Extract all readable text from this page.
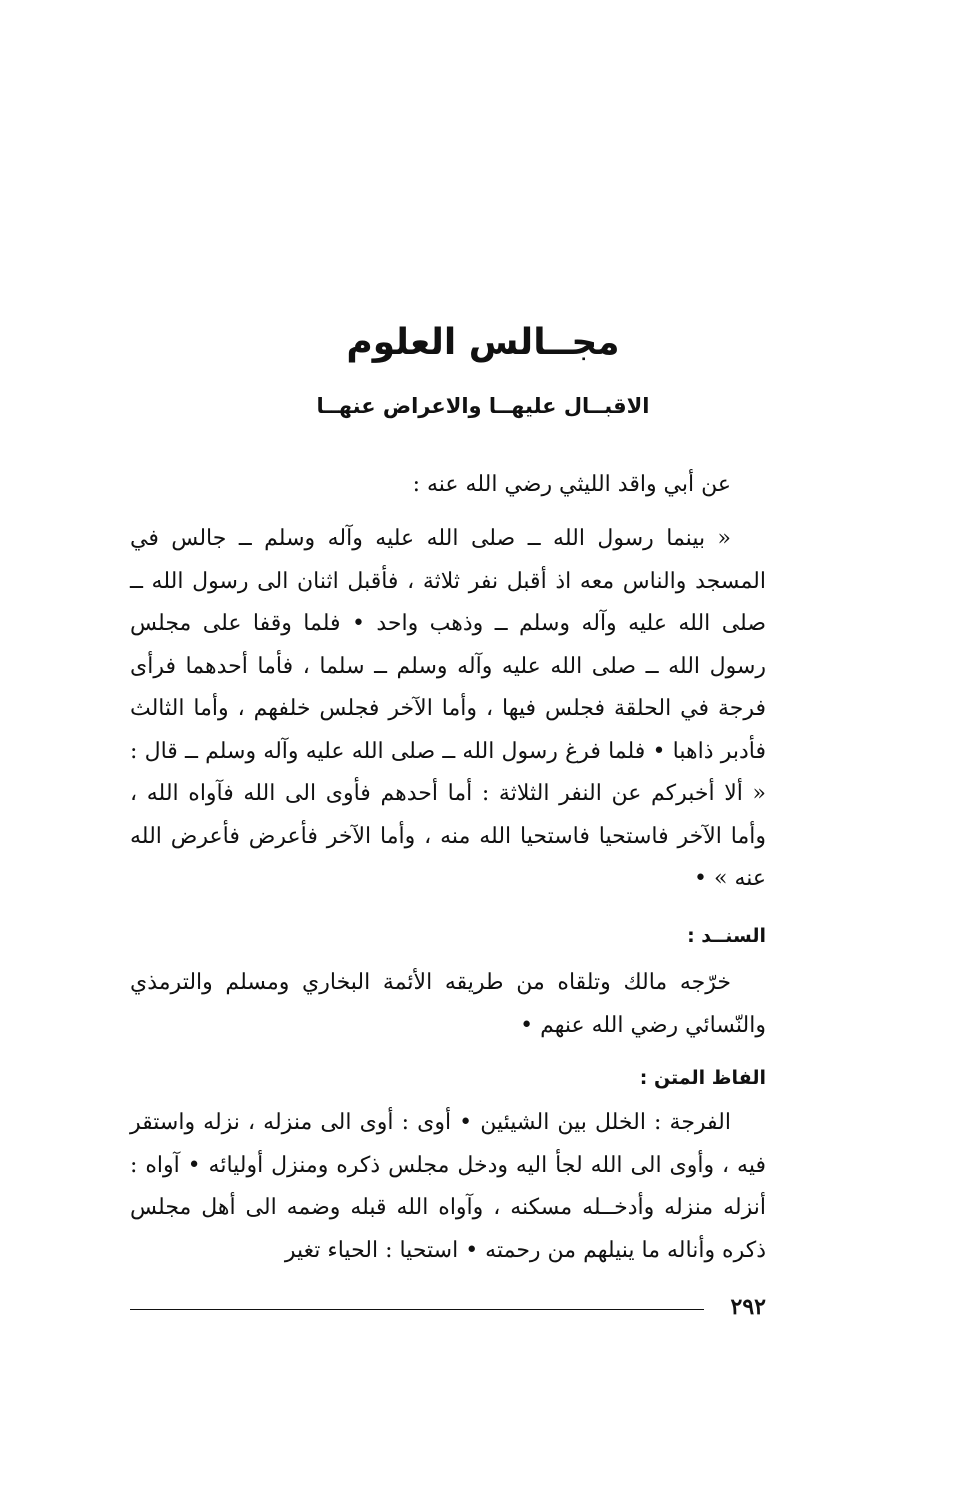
مجــالس العلوم
الاقبــال عليهــا والاعراض عنهــا
عن أبي واقد الليثي رضي الله عنه :

« بينما رسول الله ــ صلى الله عليه وآله وسلم ــ جالس في المسجد والناس معه اذ أقبل نفر ثلاثة ، فأقبل اثنان الى رسول الله ــ صلى الله عليه وآله وسلم ــ وذهب واحد • فلما وقفا على مجلس رسول الله ــ صلى الله عليه وآله وسلم ــ سلما ، فأما أحدهما فرأى فرجة في الحلقة فجلس فيها ، وأما الآخر فجلس خلفهم ، وأما الثالث فأدبر ذاهبا • فلما فرغ رسول الله ــ صلى الله عليه وآله وسلم ــ قال : « ألا أخبركم عن النفر الثلاثة : أما أحدهم فأوى الى الله فآواه الله ، وأما الآخر فاستحيا فاستحيا الله منه ، وأما الآخر فأعرض فأعرض الله عنه » •

السنــد :

خرّجه مالك وتلقاه من طريقه الأئمة البخاري ومسلم والترمذي والنّسائي رضي الله عنهم •

الفاظ المتن :

الفرجة : الخلل بين الشيئين • أوى : أوى الى منزله ، نزله واستقر فيه ، وأوى الى الله لجأ اليه ودخل مجلس ذكره ومنزل أوليائه • آواه : أنزله منزله وأدخــله مسكنه ، وآواه الله قبله وضمه الى أهل مجلس ذكره وأناله ما ينيلهم من رحمته • استحيا : الحياء تغير

٢٩٢
